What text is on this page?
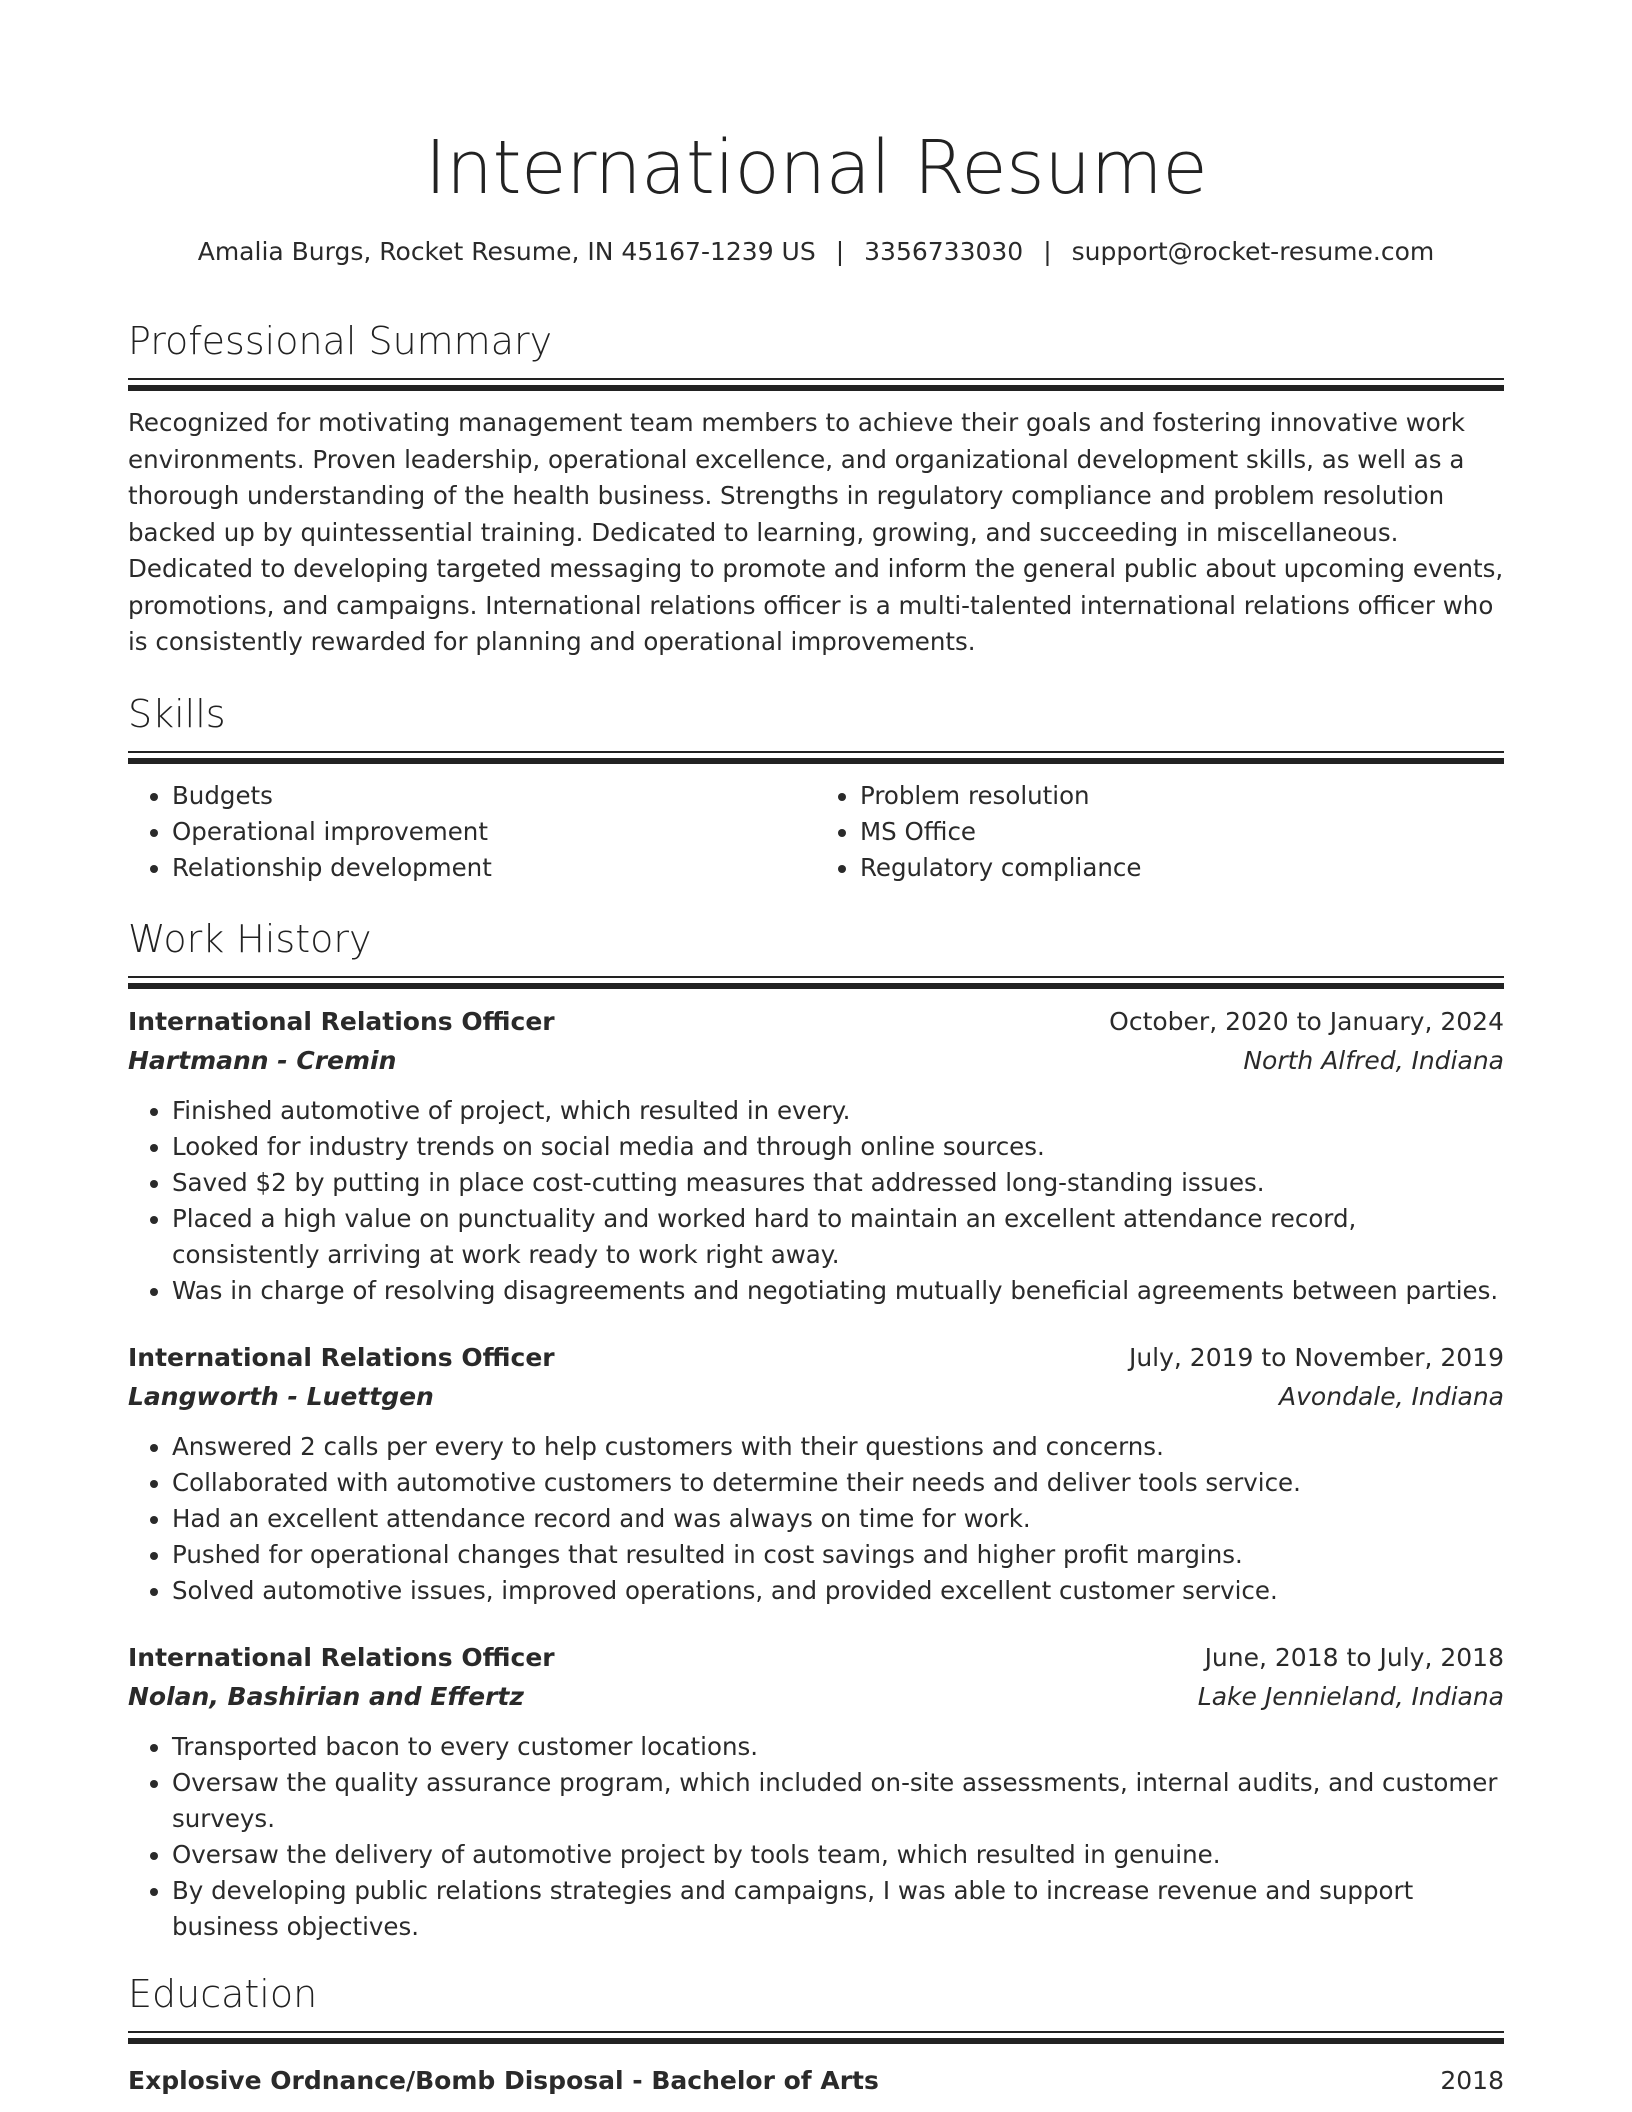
International Resume
Amalia Burgs, Rocket Resume, IN 45167-1239 US | 3356733030 | support@rocket-resume.com
Professional Summary
Recognized for motivating management team members to achieve their goals and fostering innovative work environments. Proven leadership, operational excellence, and organizational development skills, as well as a thorough understanding of the health business. Strengths in regulatory compliance and problem resolution backed up by quintessential training. Dedicated to learning, growing, and succeeding in miscellaneous. Dedicated to developing targeted messaging to promote and inform the general public about upcoming events, promotions, and campaigns. International relations officer is a multi-talented international relations officer who is consistently rewarded for planning and operational improvements.
Skills
• Budgets
• Operational improvement
• Relationship development
• Problem resolution
• MS Office
• Regulatory compliance
Work History
International Relations Officer	October, 2020 to January, 2024
Hartmann - Cremin	North Alfred, Indiana
• Finished automotive of project, which resulted in every.
• Looked for industry trends on social media and through online sources.
• Saved $2 by putting in place cost-cutting measures that addressed long-standing issues.
• Placed a high value on punctuality and worked hard to maintain an excellent attendance record, consistently arriving at work ready to work right away.
• Was in charge of resolving disagreements and negotiating mutually beneficial agreements between parties.
International Relations Officer	July, 2019 to November, 2019
Langworth - Luettgen	Avondale, Indiana
• Answered 2 calls per every to help customers with their questions and concerns.
• Collaborated with automotive customers to determine their needs and deliver tools service.
• Had an excellent attendance record and was always on time for work.
• Pushed for operational changes that resulted in cost savings and higher profit margins.
• Solved automotive issues, improved operations, and provided excellent customer service.
International Relations Officer	June, 2018 to July, 2018
Nolan, Bashirian and Effertz	Lake Jennieland, Indiana
• Transported bacon to every customer locations.
• Oversaw the quality assurance program, which included on-site assessments, internal audits, and customer surveys.
• Oversaw the delivery of automotive project by tools team, which resulted in genuine.
• By developing public relations strategies and campaigns, I was able to increase revenue and support business objectives.
Education
Explosive Ordnance/Bomb Disposal - Bachelor of Arts	2018
